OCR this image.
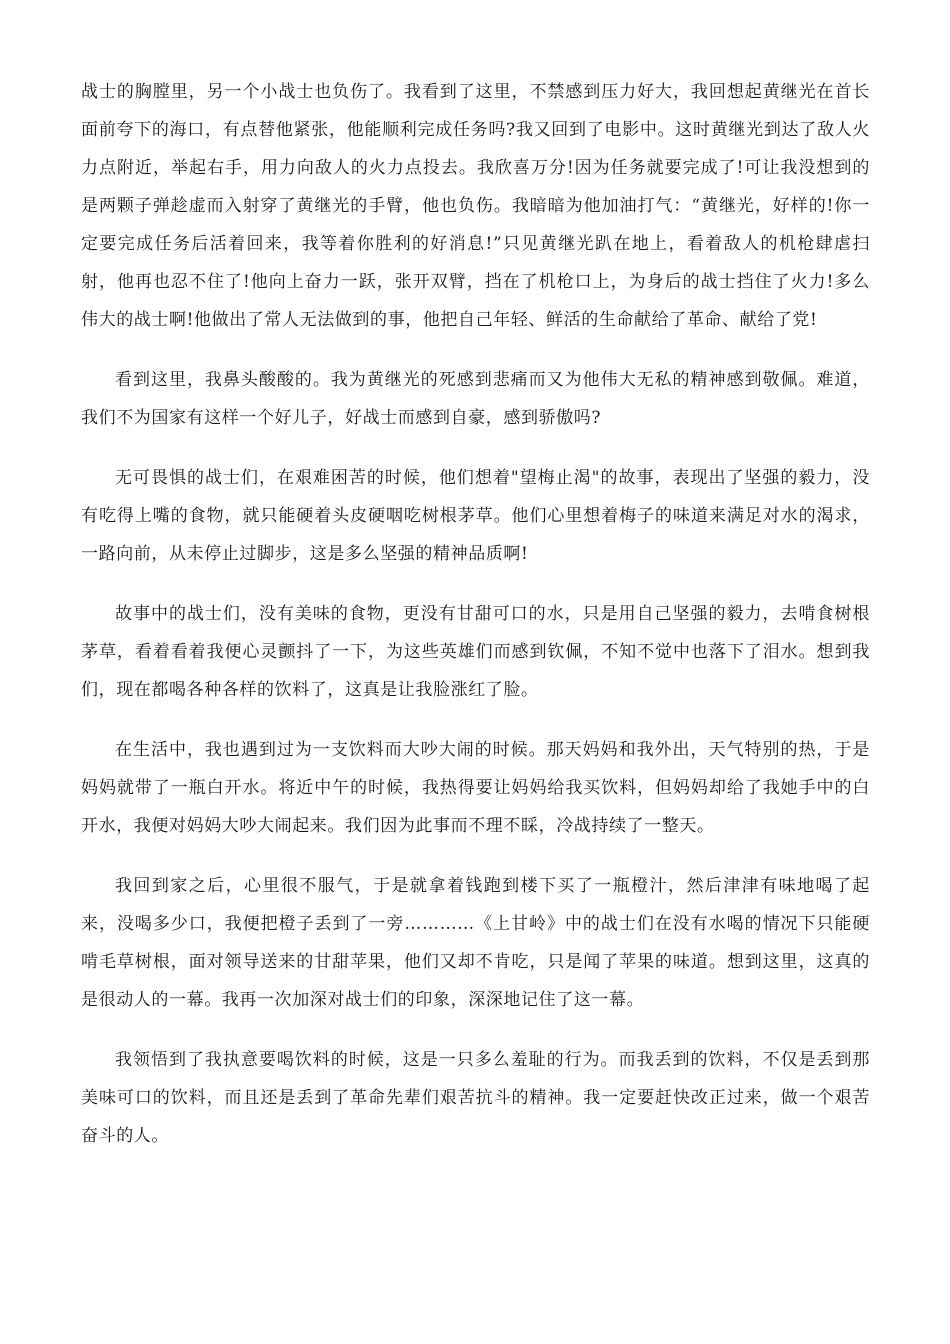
战士的胸膛里，另一个小战士也负伤了。我看到了这里，不禁感到压力好大，我回想起黄继光在首长面前夸下的海口，有点替他紧张，他能顺利完成任务吗?我又回到了电影中。这时黄继光到达了敌人火力点附近，举起右手，用力向敌人的火力点投去。我欣喜万分!因为任务就要完成了!可让我没想到的是两颗子弹趁虚而入射穿了黄继光的手臂，他也负伤。我暗暗为他加油打气：“黄继光，好样的!你一定要完成任务后活着回来，我等着你胜利的好消息!”只见黄继光趴在地上，看着敌人的机枪肆虐扫射，他再也忍不住了!他向上奋力一跃，张开双臂，挡在了机枪口上，为身后的战士挡住了火力!多么伟大的战士啊!他做出了常人无法做到的事，他把自己年轻、鲜活的生命献给了革命、献给了党!

看到这里，我鼻头酸酸的。我为黄继光的死感到悲痛而又为他伟大无私的精神感到敬佩。难道，我们不为国家有这样一个好儿子，好战士而感到自豪，感到骄傲吗?

无可畏惧的战士们，在艰难困苦的时候，他们想着"望梅止渴"的故事，表现出了坚强的毅力，没有吃得上嘴的食物，就只能硬着头皮硬咽吃树根茅草。他们心里想着梅子的味道来满足对水的渴求，一路向前，从未停止过脚步，这是多么坚强的精神品质啊!

故事中的战士们，没有美味的食物，更没有甘甜可口的水，只是用自己坚强的毅力，去啃食树根茅草，看着看着我便心灵颤抖了一下，为这些英雄们而感到钦佩，不知不觉中也落下了泪水。想到我们，现在都喝各种各样的饮料了，这真是让我脸涨红了脸。

在生活中，我也遇到过为一支饮料而大吵大闹的时候。那天妈妈和我外出，天气特别的热，于是妈妈就带了一瓶白开水。将近中午的时候，我热得要让妈妈给我买饮料，但妈妈却给了我她手中的白开水，我便对妈妈大吵大闹起来。我们因为此事而不理不睬，冷战持续了一整天。

我回到家之后，心里很不服气，于是就拿着钱跑到楼下买了一瓶橙汁，然后津津有味地喝了起来，没喝多少口，我便把橙子丢到了一旁…………《上甘岭》中的战士们在没有水喝的情况下只能硬啃毛草树根，面对领导送来的甘甜苹果，他们又却不肯吃，只是闻了苹果的味道。想到这里，这真的是很动人的一幕。我再一次加深对战士们的印象，深深地记住了这一幕。

我领悟到了我执意要喝饮料的时候，这是一只多么羞耻的行为。而我丢到的饮料，不仅是丢到那美味可口的饮料，而且还是丢到了革命先辈们艰苦抗斗的精神。我一定要赶快改正过来，做一个艰苦奋斗的人。
